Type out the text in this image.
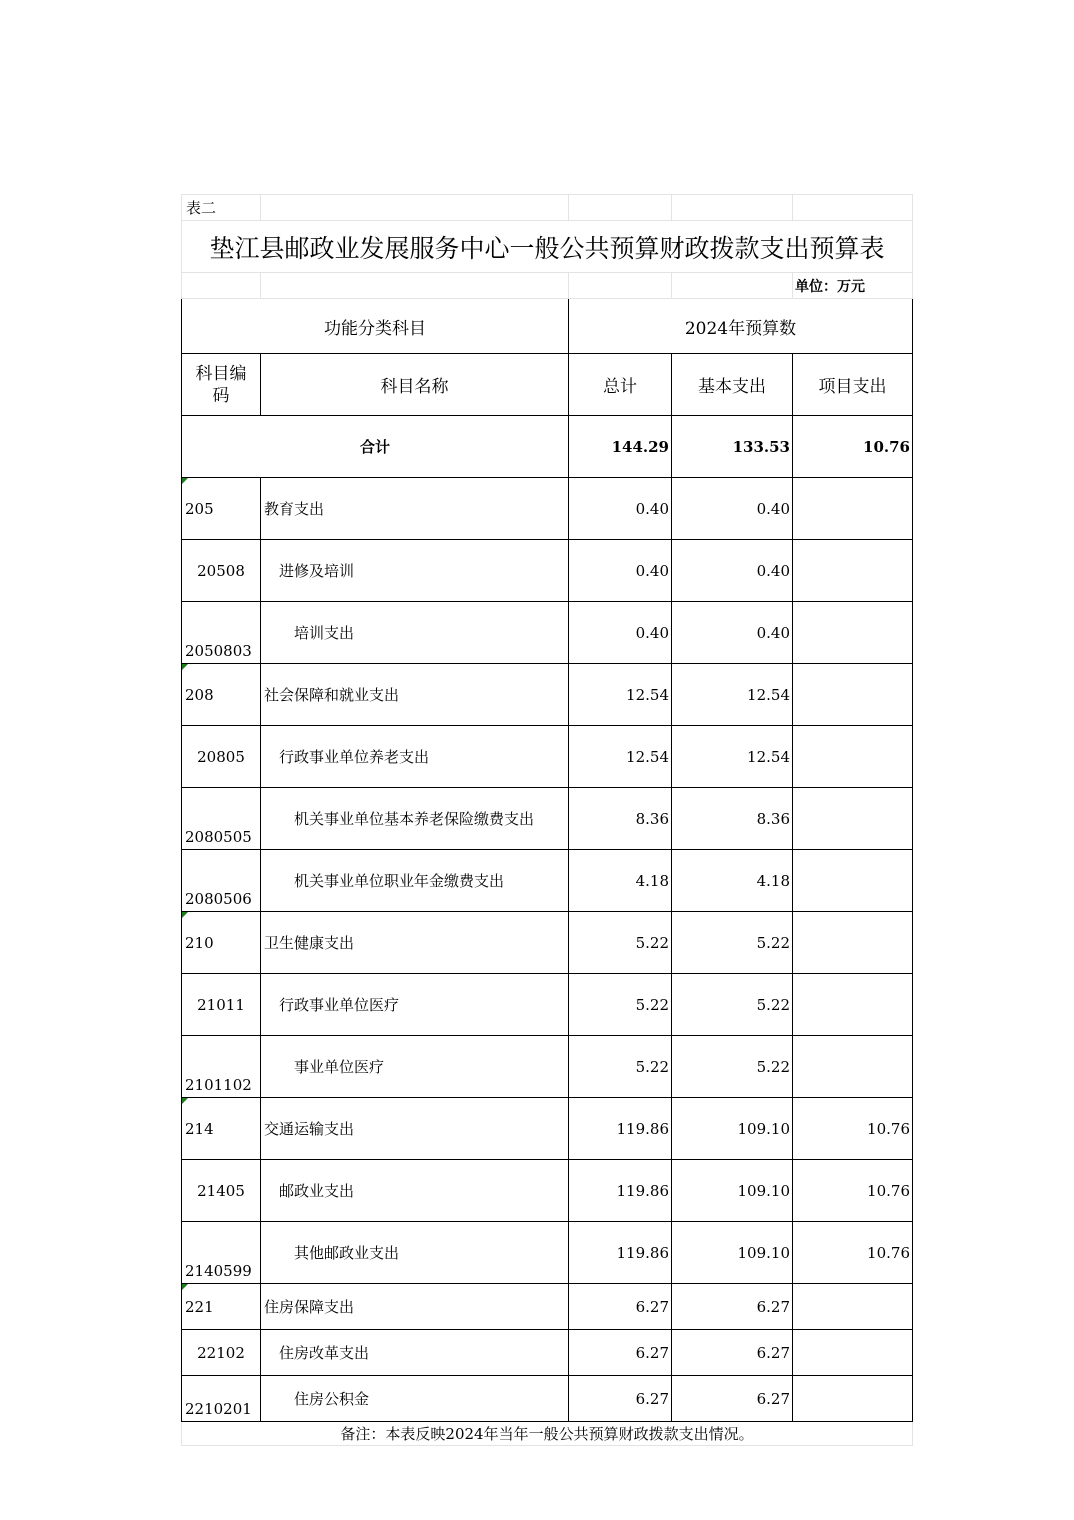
表二				
垫江县邮政业发展服务中心一般公共预算财政拨款支出预算表				
				单位：万元
功能分类科目		2024年预算数		
科目编码	科目名称	总计	基本支出	项目支出
合计		144.29	133.53	10.76

205	教育支出	0.40	0.40	
20508	进修及培训	0.40	0.40	
2050803	培训支出	0.40	0.40	

208	社会保障和就业支出	12.54	12.54	
20805	行政事业单位养老支出	12.54	12.54	
2080505	机关事业单位基本养老保险缴费支出	8.36	8.36	
2080506	机关事业单位职业年金缴费支出	4.18	4.18	

210	卫生健康支出	5.22	5.22	
21011	行政事业单位医疗	5.22	5.22	
2101102	事业单位医疗	5.22	5.22	

214	交通运输支出	119.86	109.10	10.76
21405	邮政业支出	119.86	109.10	10.76
2140599	其他邮政业支出	119.86	109.10	10.76

221	住房保障支出	6.27	6.27	
22102	住房改革支出	6.27	6.27	
2210201	住房公积金	6.27	6.27	
备注：本表反映2024年当年一般公共预算财政拨款支出情况。				
